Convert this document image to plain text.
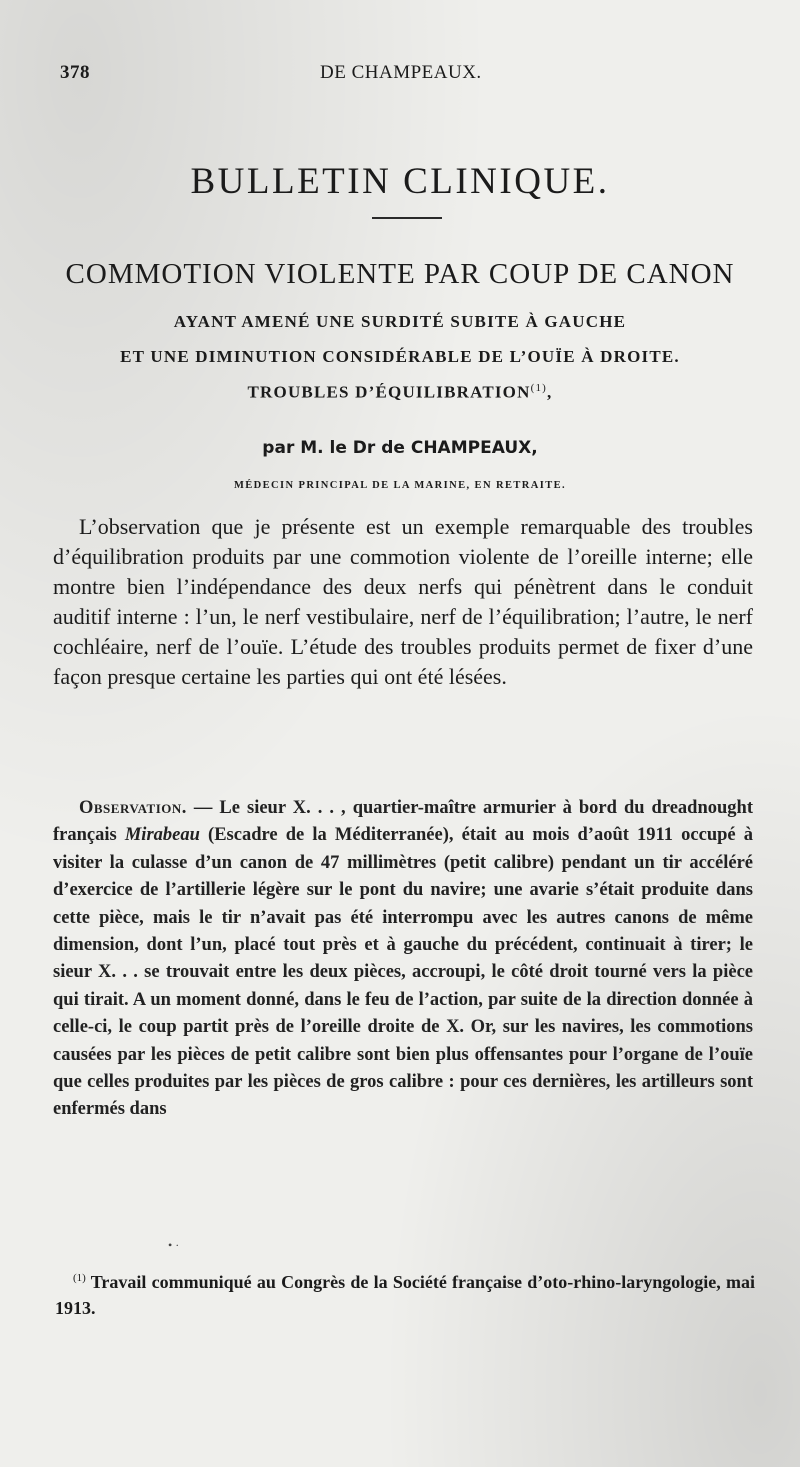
378	DE CHAMPEAUX.
BULLETIN CLINIQUE.
COMMOTION VIOLENTE PAR COUP DE CANON
AYANT AMENÉ UNE SURDITÉ SUBITE À GAUCHE
ET UNE DIMINUTION CONSIDÉRABLE DE L’OUÏE À DROITE.
TROUBLES D’ÉQUILIBRATION$^{(1)}$,
par M. le Dr de CHAMPEAUX,
MÉDECIN PRINCIPAL DE LA MARINE, EN RETRAITE.
L’observation que je présente est un exemple remarquable des troubles d’équilibration produits par une commotion violente de l’oreille interne; elle montre bien l’indépendance des deux nerfs qui pénètrent dans le conduit auditif interne : l’un, le nerf vestibulaire, nerf de l’équilibration; l’autre, le nerf cochléaire, nerf de l’ouïe. L’étude des troubles produits permet de fixer d’une façon presque certaine les parties qui ont été lésées.
Observation. — Le sieur X. . . , quartier-maître armurier à bord du dreadnought français Mirabeau (Escadre de la Méditerranée), était au mois d’août 1911 occupé à visiter la culasse d’un canon de 47 millimètres (petit calibre) pendant un tir accéléré d’exercice de l’artillerie légère sur le pont du navire; une avarie s’était produite dans cette pièce, mais le tir n’avait pas été interrompu avec les autres canons de même dimension, dont l’un, placé tout près et à gauche du précédent, continuait à tirer; le sieur X. . . se trouvait entre les deux pièces, accroupi, le côté droit tourné vers la pièce qui tirait. A un moment donné, dans le feu de l’action, par suite de la direction donnée à celle-ci, le coup partit près de l’oreille droite de X. Or, sur les navires, les commotions causées par les pièces de petit calibre sont bien plus offensantes pour l’organe de l’ouïe que celles produites par les pièces de gros calibre : pour ces dernières, les artilleurs sont enfermés dans
• ·
$^{(1)}$ Travail communiqué au Congrès de la Société française d’oto-rhino-laryngologie, mai 1913.
